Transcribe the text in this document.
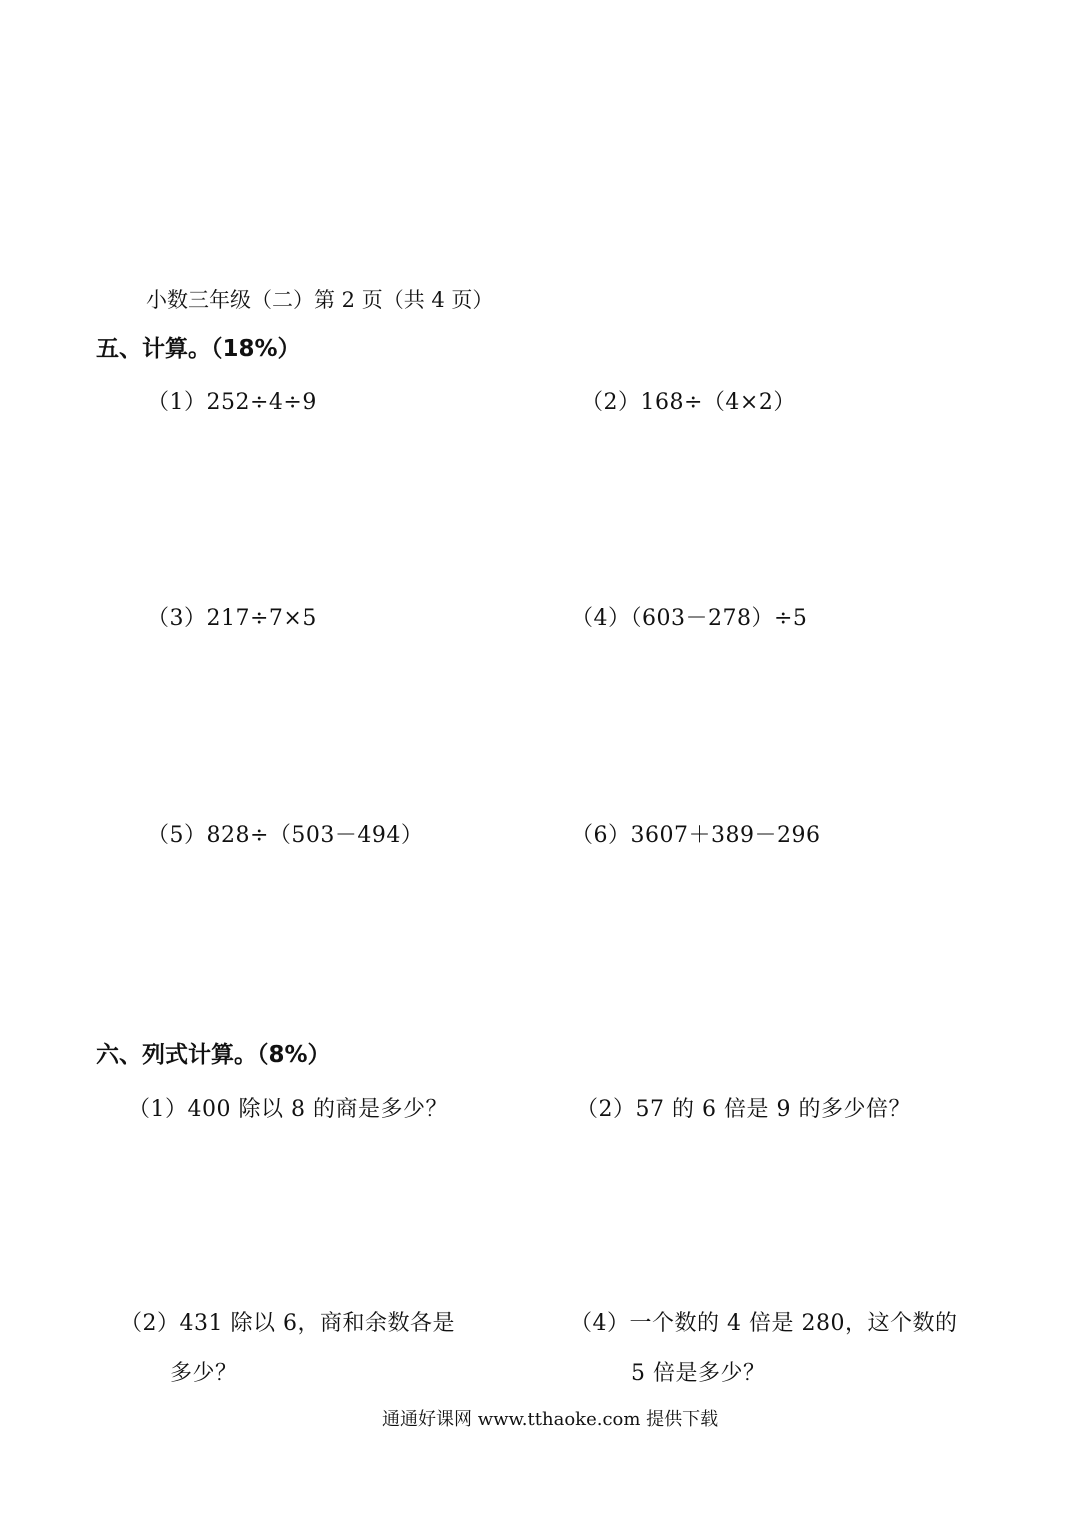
小数三年级（二）第 2 页（共 4 页）
五、计算。（18%）
（1）252÷4÷9	（2）168÷（4×2）
（3）217÷7×5	（4）（603－278）÷5
（5）828÷（503－494）	（6）3607＋389－296
六、列式计算。（8%）
（1）400 除以 8 的商是多少？	（2）57 的 6 倍是 9 的多少倍？
（2）431 除以 6，商和余数各是
多少？
（4）一个数的 4 倍是 280，这个数的
5 倍是多少？
通通好课网 www.tthaoke.com 提供下载
